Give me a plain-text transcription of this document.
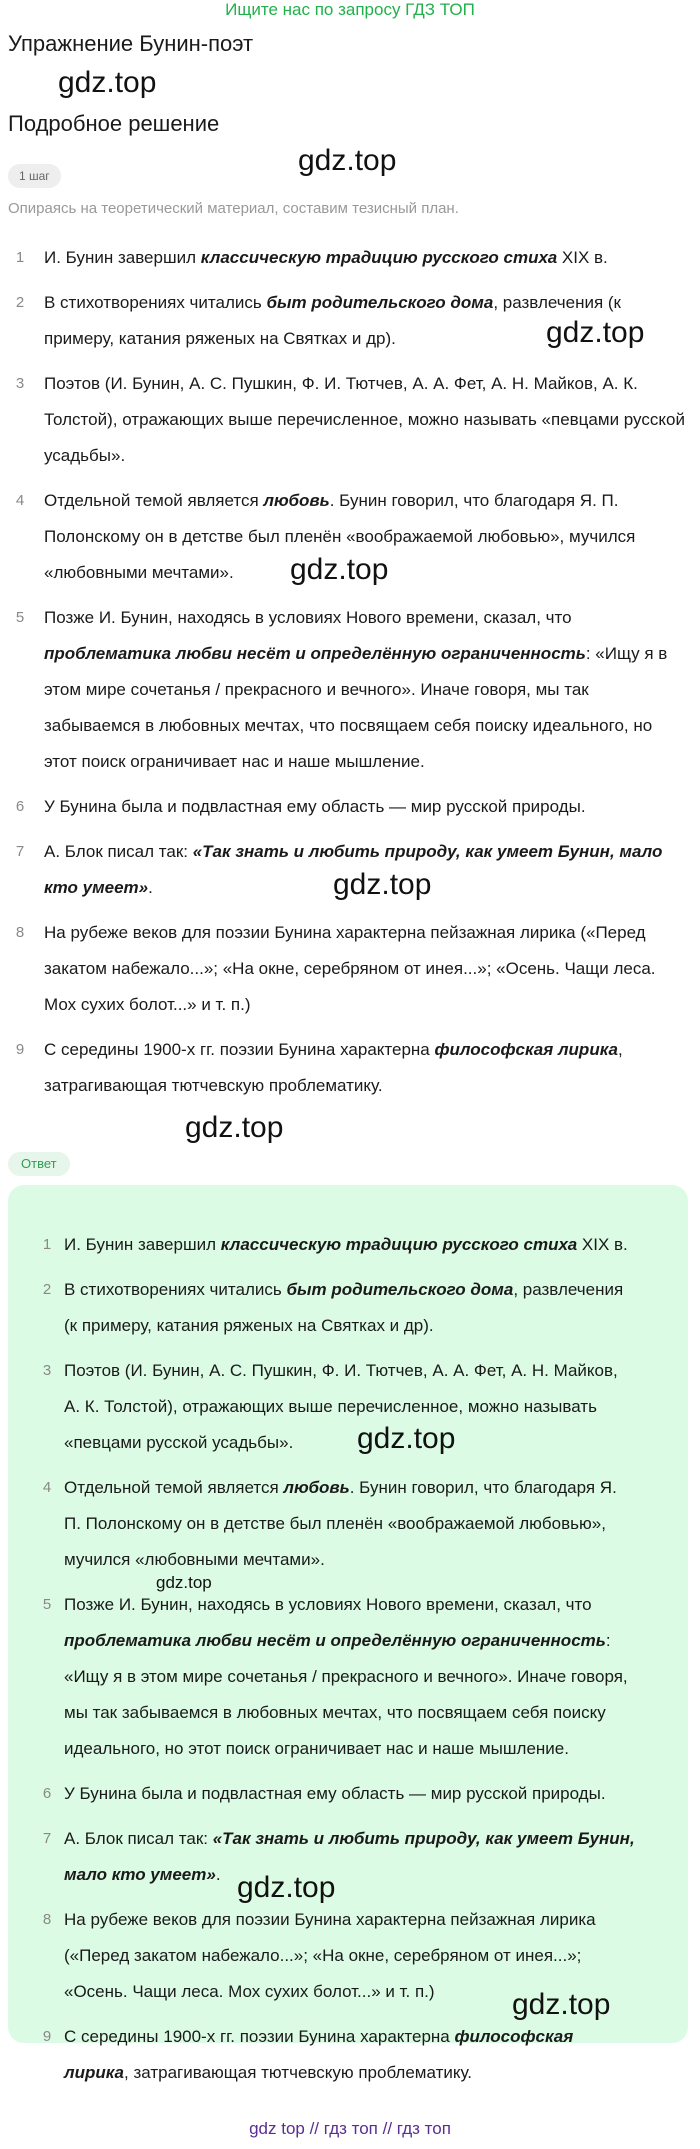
Ищите нас по запросу ГДЗ ТОП
Упражнение Бунин-поэт
Подробное решение
1 шаг
Опираясь на теоретический материал, составим тезисный план.
1	И. Бунин завершил классическую традицию русского стиха XIX в.
2	В стихотворениях читались быт родительского дома, развлечения (к примеру, катания ряженых на Святках и др).
3	Поэтов (И. Бунин, А. С. Пушкин, Ф. И. Тютчев, А. А. Фет, А. Н. Майков, А. К. Толстой), отражающих выше перечисленное, можно называть «певцами русской усадьбы».
4	Отдельной темой является любовь. Бунин говорил, что благодаря Я. П. Полонскому он в детстве был пленён «воображаемой любовью», мучился «любовными мечтами».
5	Позже И. Бунин, находясь в условиях Нового времени, сказал, что проблематика любви несёт и определённую ограниченность: «Ищу я в этом мире сочетанья / прекрасного и вечного». Иначе говоря, мы так забываемся в любовных мечтах, что посвящаем себя поиску идеального, но этот поиск ограничивает нас и наше мышление.
6	У Бунина была и подвластная ему область — мир русской природы.
7	А. Блок писал так: «Так знать и любить природу, как умеет Бунин, мало кто умеет».
8	На рубеже веков для поэзии Бунина характерна пейзажная лирика («Перед закатом набежало...»; «На окне, серебряном от инея...»; «Осень. Чащи леса. Мох сухих болот...» и т. п.)
9	С середины 1900-х гг. поэзии Бунина характерна философская лирика, затрагивающая тютчевскую проблематику.
Ответ
1 И. Бунин завершил классическую традицию русского стиха XIX в.
2 В стихотворениях читались быт родительского дома, развлечения (к примеру, катания ряженых на Святках и др).
3 Поэтов (И. Бунин, А. С. Пушкин, Ф. И. Тютчев, А. А. Фет, А. Н. Майков, А. К. Толстой), отражающих выше перечисленное, можно называть «певцами русской усадьбы».
4 Отдельной темой является любовь. Бунин говорил, что благодаря Я. П. Полонскому он в детстве был пленён «воображаемой любовью», мучился «любовными мечтами».
5 Позже И. Бунин, находясь в условиях Нового времени, сказал, что проблематика любви несёт и определённую ограниченность: «Ищу я в этом мире сочетанья / прекрасного и вечного». Иначе говоря, мы так забываемся в любовных мечтах, что посвящаем себя поиску идеального, но этот поиск ограничивает нас и наше мышление.
6 У Бунина была и подвластная ему область — мир русской природы.
7 А. Блок писал так: «Так знать и любить природу, как умеет Бунин, мало кто умеет».
8 На рубеже веков для поэзии Бунина характерна пейзажная лирика («Перед закатом набежало...»; «На окне, серебряном от инея...»; «Осень. Чащи леса. Мох сухих болот...» и т. п.)
9 С середины 1900-х гг. поэзии Бунина характерна философская лирика, затрагивающая тютчевскую проблематику.
gdz.top
gdz.top
gdz.top
gdz.top
gdz.top
gdz.top
gdz.top
gdz.top
gdz.top
gdz.top
gdz top // гдз топ // гдз топ
